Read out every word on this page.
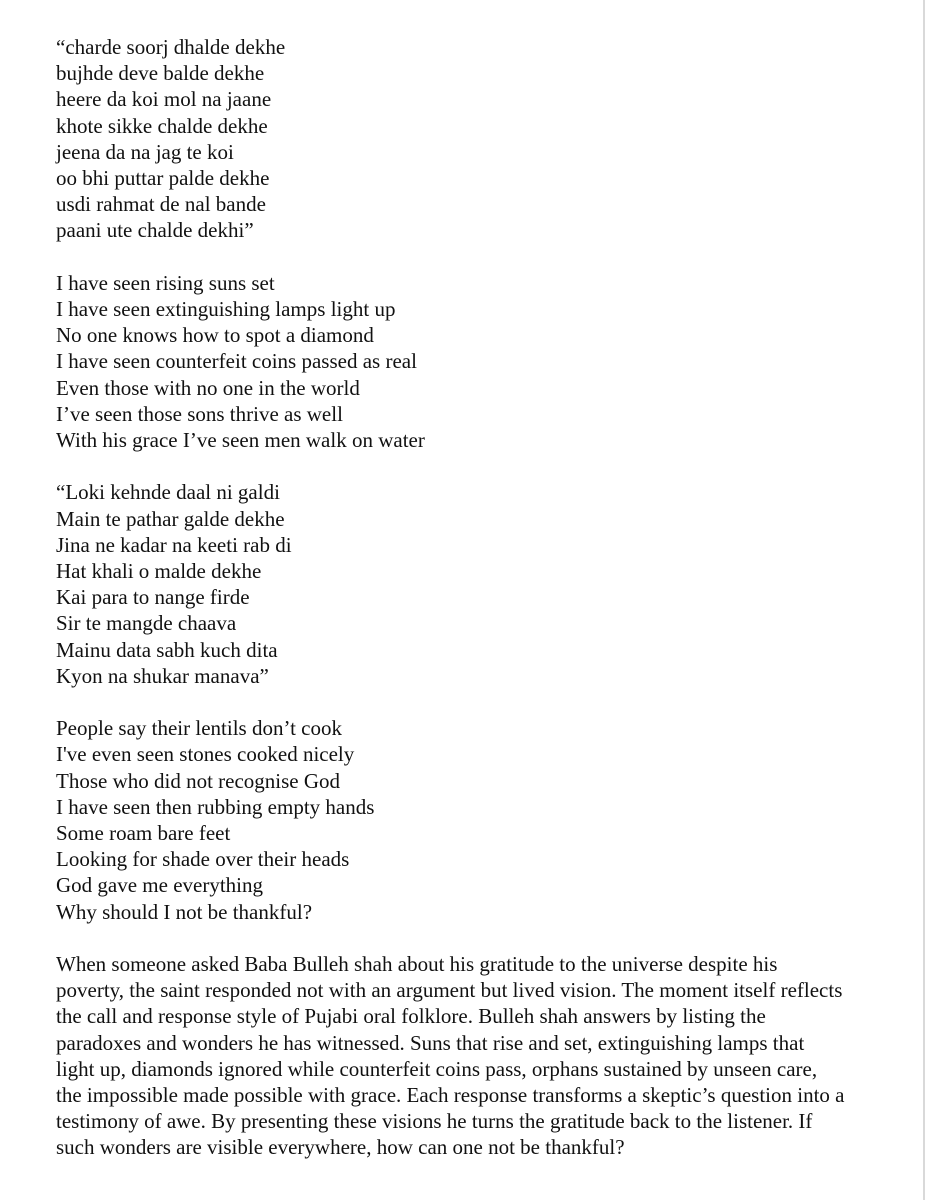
“charde soorj dhalde dekhe
bujhde deve balde dekhe
heere da koi mol na jaane
khote sikke chalde dekhe
jeena da na jag te koi
oo bhi puttar palde dekhe
usdi rahmat de nal bande
paani ute chalde dekhi”
I have seen rising suns set
I have seen extinguishing lamps light up
No one knows how to spot a diamond
I have seen counterfeit coins passed as real
Even those with no one in the world
I’ve seen those sons thrive as well
With his grace I’ve seen men walk on water
“Loki kehnde daal ni galdi
Main te pathar galde dekhe
Jina ne kadar na keeti rab di
Hat khali o malde dekhe
Kai para to nange firde
Sir te mangde chaava
Mainu data sabh kuch dita
Kyon na shukar manava”
People say their lentils don’t cook
I've even seen stones cooked nicely
Those who did not recognise God
I have seen then rubbing empty hands
Some roam bare feet
Looking for shade over their heads
God gave me everything
Why should I not be thankful?
When someone asked Baba Bulleh shah about his gratitude to the universe despite his
poverty, the saint responded not with an argument but lived vision. The moment itself reflects
the call and response style of Pujabi oral folklore. Bulleh shah answers by listing the
paradoxes and wonders he has witnessed. Suns that rise and set, extinguishing lamps that
light up, diamonds ignored while counterfeit coins pass, orphans sustained by unseen care,
the impossible made possible with grace. Each response transforms a skeptic’s question into a
testimony of awe. By presenting these visions he turns the gratitude back to the listener. If
such wonders are visible everywhere, how can one not be thankful?
